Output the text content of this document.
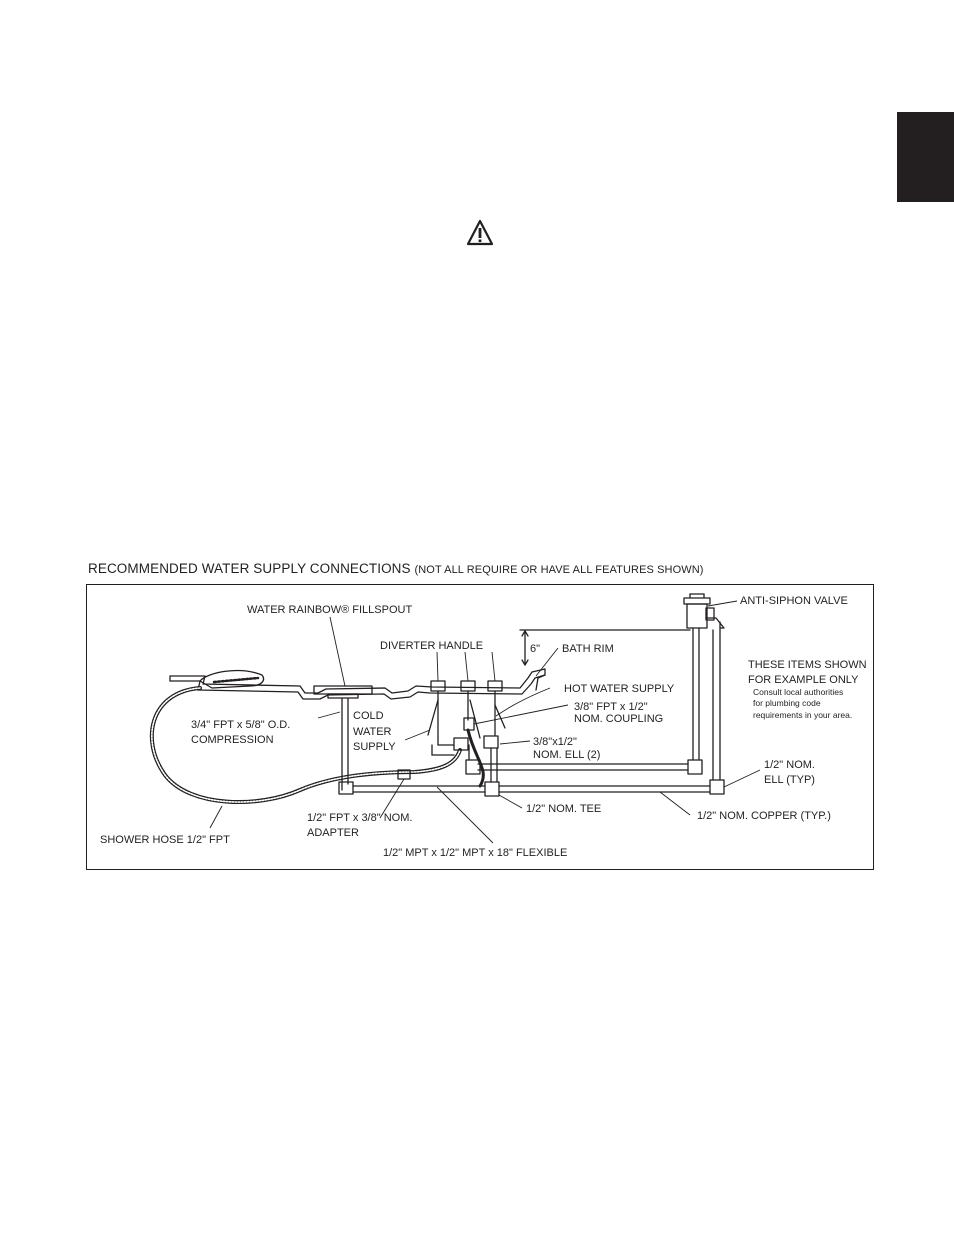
RECOMMENDED WATER SUPPLY CONNECTIONS (NOT ALL REQUIRE OR HAVE ALL FEATURES SHOWN)
WATER RAINBOW® FILLSPOUT
ANTI-SIPHON VALVE
DIVERTER HANDLE	6" BATH RIM
THESE ITEMS SHOWN
FOR EXAMPLE ONLY
Consult local authorities
for plumbing code
requirements in your area.
HOT WATER SUPPLY
3/8" FPT x 1/2"
NOM. COUPLING
3/4" FPT x 5/8" O.D.
COMPRESSION
COLD
WATER
SUPPLY	3/8"x1/2"
NOM. ELL (2)
1/2" NOM.
ELL (TYP)
1/2" NOM. TEE
1/2" NOM. COPPER (TYP.)
1/2" FPT x 3/8" NOM.
ADAPTER
SHOWER HOSE 1/2" FPT
1/2" MPT x 1/2" MPT x 18" FLEXIBLE
